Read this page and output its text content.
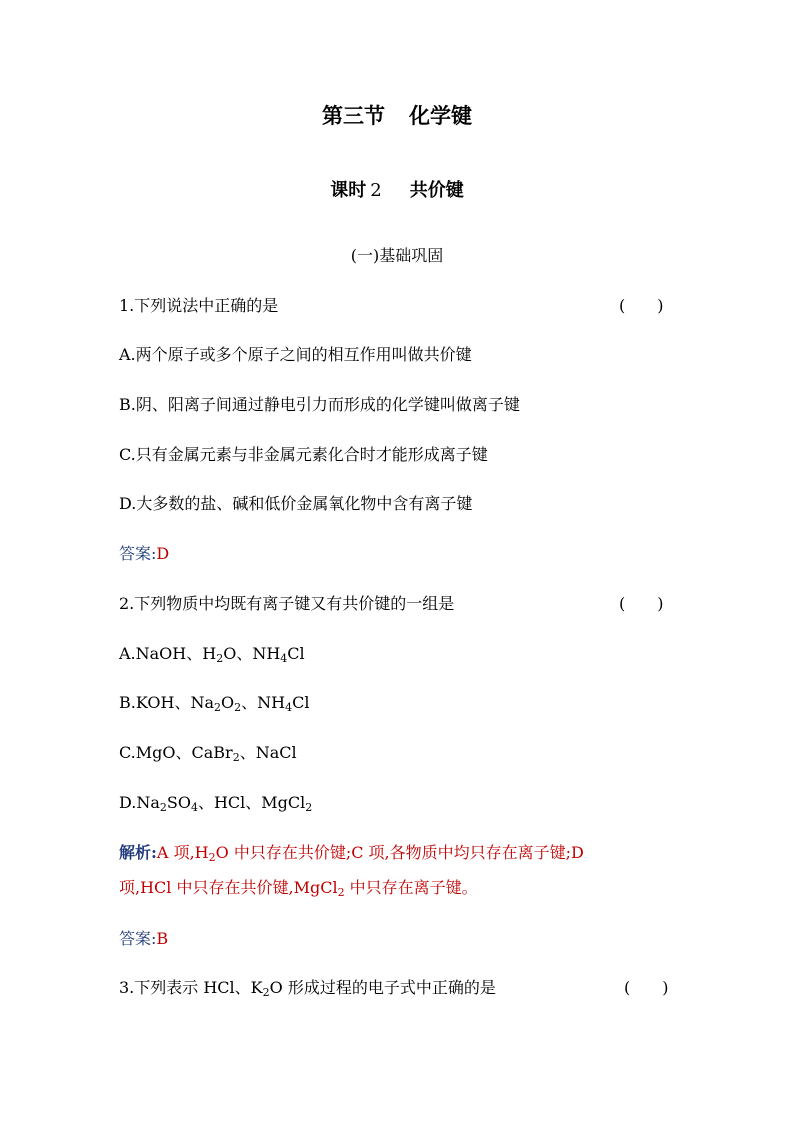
第三节 化学键
课时 2 共价键
(一)基础巩固
1.下列说法中正确的是	(　　)
A.两个原子或多个原子之间的相互作用叫做共价键
B.阴、阳离子间通过静电引力而形成的化学键叫做离子键
C.只有金属元素与非金属元素化合时才能形成离子键
D.大多数的盐、碱和低价金属氧化物中含有离子键
答案:D
2.下列物质中均既有离子键又有共价键的一组是	(　　)
A.NaOH、$H_2O$、$NH_4Cl$
B.KOH、$Na_2O_2$、$NH_4Cl$
C.MgO、CaBr$_2$、NaCl
$D.Na_2SO_4$、HCl、MgCl$_2$
解析:A 项$,H_2O$ 中只存在共价键;C 项,各物质中均只存在离子键;D
项,HCl 中只存在共价键,MgCl$_2$ 中只存在离子键。
答案:B
3.下列表示 HCl、$K_2O$ 形成过程的电子式中正确的是	(　　)
